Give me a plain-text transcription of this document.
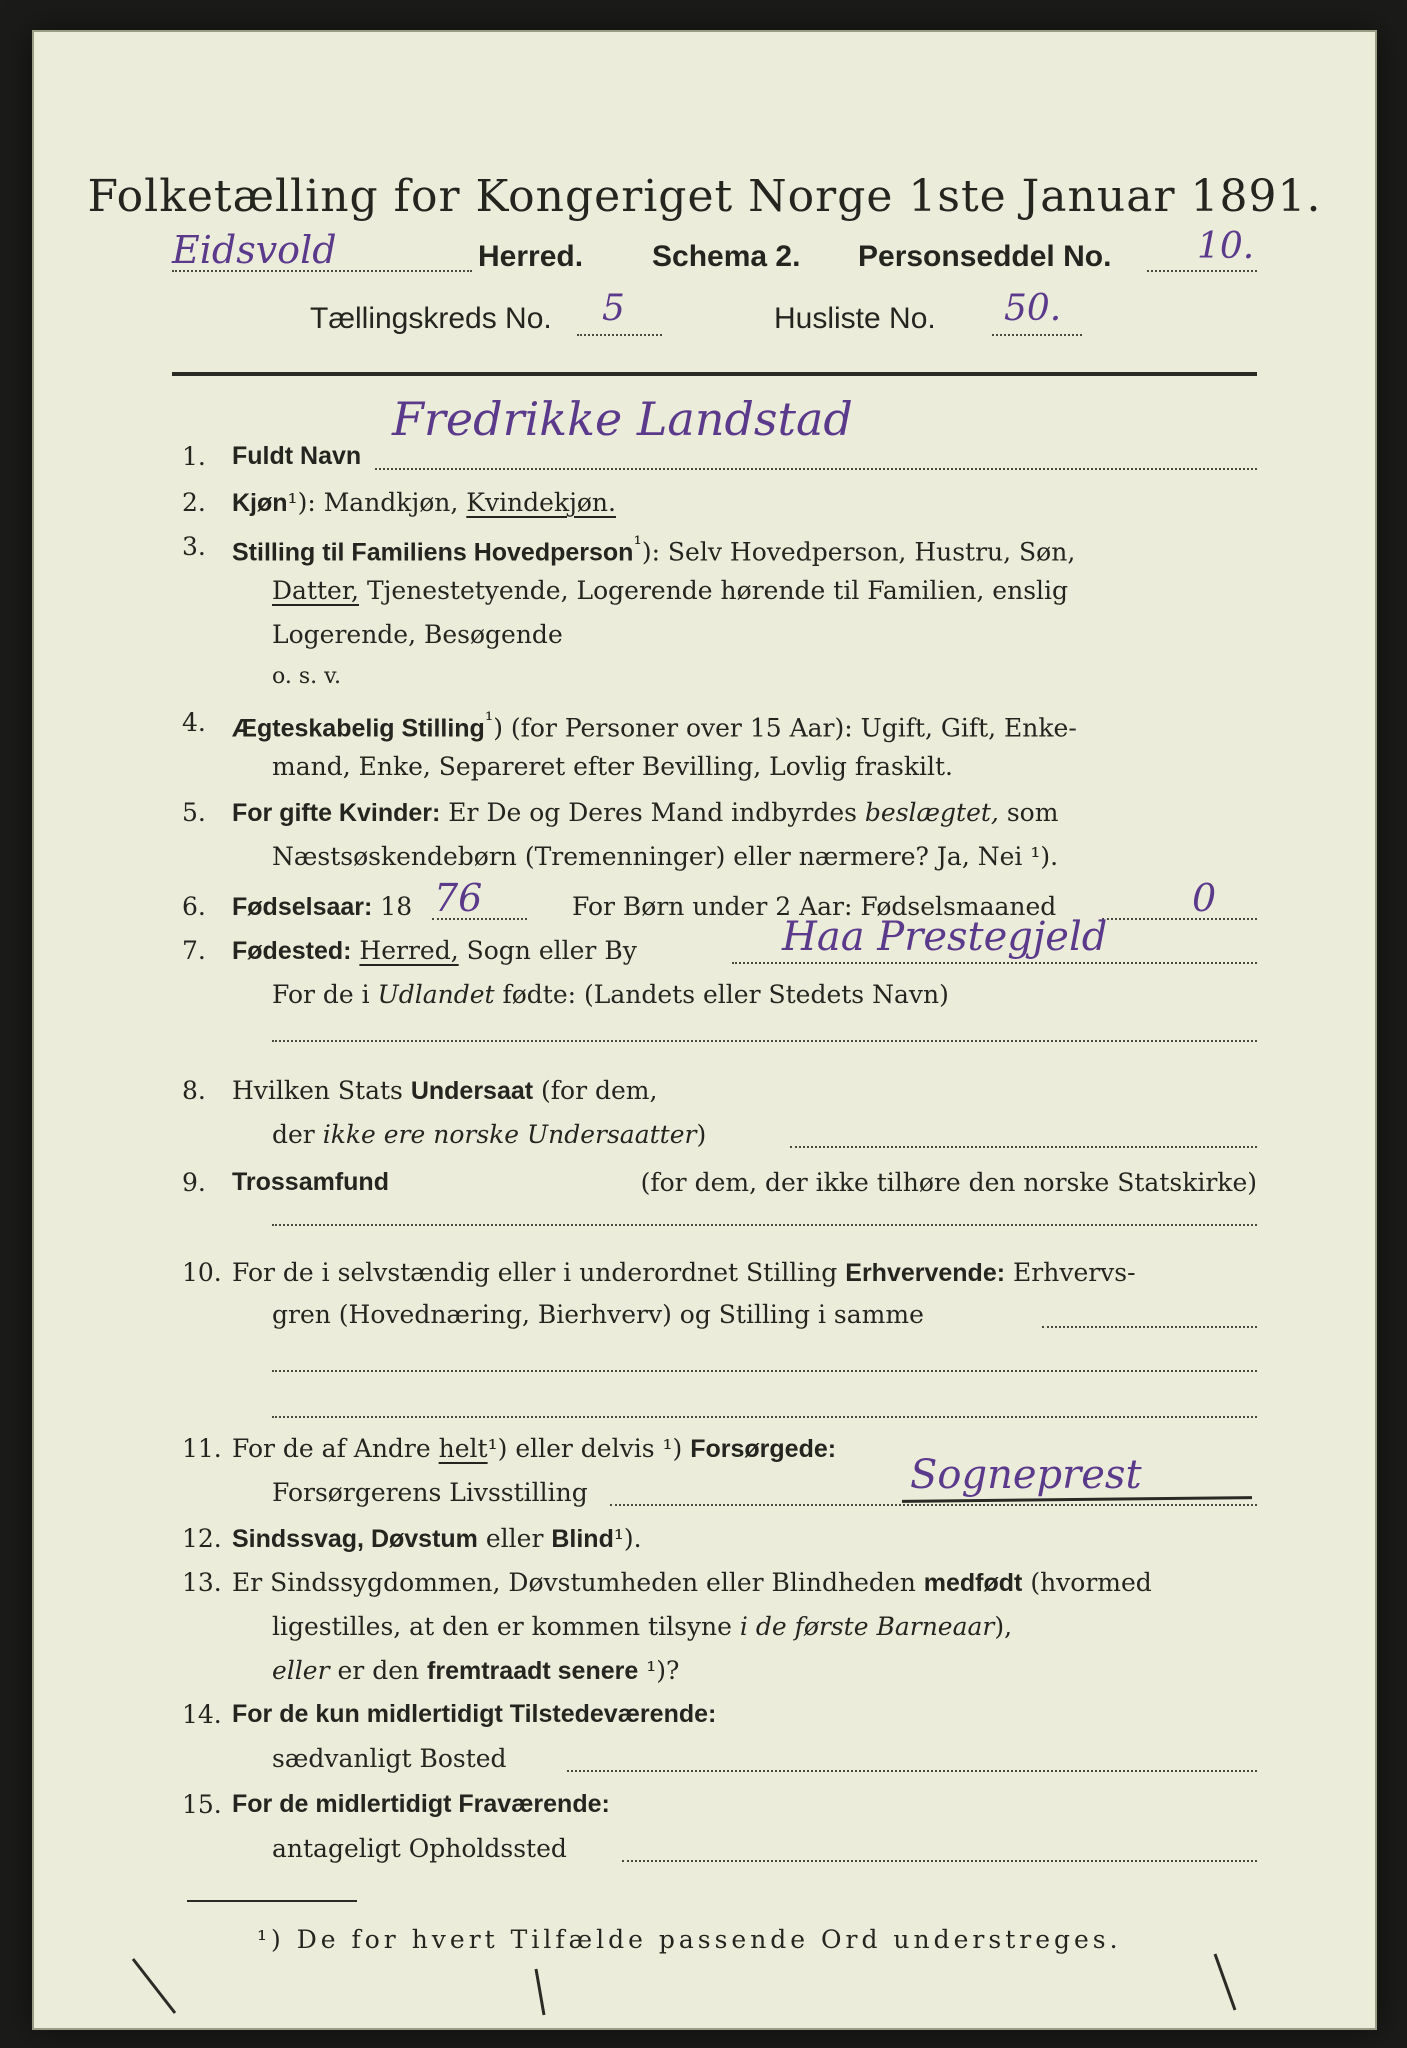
Folketælling for Kongeriget Norge 1ste Januar 1891.
Eidsvold	Herred. Schema 2. Personseddel No. 10.
Tællingskreds No. 5	Husliste No. 50.
1.	Fuldt Navn
Fredrikke Landstad
2.	Kjøn¹): Mandkjøn, Kvindekjøn.
3.	Stilling til Familiens Hovedperson$^{^1}$): Selv Hovedperson, Hustru, Søn,
Datter, Tjenestetyende, Logerende hørende til Familien, enslig
Logerende, Besøgende
o. s. v.
4.	Ægteskabelig Stilling$^{^1}$) (for Personer over 15 Aar): Ugift, Gift, Enke-
mand, Enke, Separeret efter Bevilling, Lovlig fraskilt.
5.	For gifte Kvinder: Er De og Deres Mand indbyrdes beslægtet, som
Næstsøskendebørn (Tremenninger) eller nærmere? Ja, Nei ¹).
6.	Fødselsaar: 18 76	For Børn under 2 Aar: Fødselsmaaned	0
7.	Fødested: Herred, Sogn eller By	Haa Prestegjeld
For de i Udlandet fødte: (Landets eller Stedets Navn)
8.	Hvilken Stats Undersaat (for dem,
der ikke ere norske Undersaatter)
9.	Trossamfund	(for dem, der ikke tilhøre den norske Statskirke)
10. For de i selvstændig eller i underordnet Stilling Erhvervende: Erhvervs-
gren (Hovednæring, Bierhverv) og Stilling i samme
11. For de af Andre helt¹) eller delvis ¹) Forsørgede:
Forsørgerens Livsstilling	Sogneprest
12. Sindssvag, Døvstum eller Blind¹).
13. Er Sindssygdommen, Døvstumheden eller Blindheden medfødt (hvormed
ligestilles, at den er kommen tilsyne i de første Barneaar),
eller er den fremtraadt senere ¹)?
14. For de kun midlertidigt Tilstedeværende:
sædvanligt Bosted
15. For de midlertidigt Fraværende:
antageligt Opholdssted
¹) De for hvert Tilfælde passende Ord understreges.
